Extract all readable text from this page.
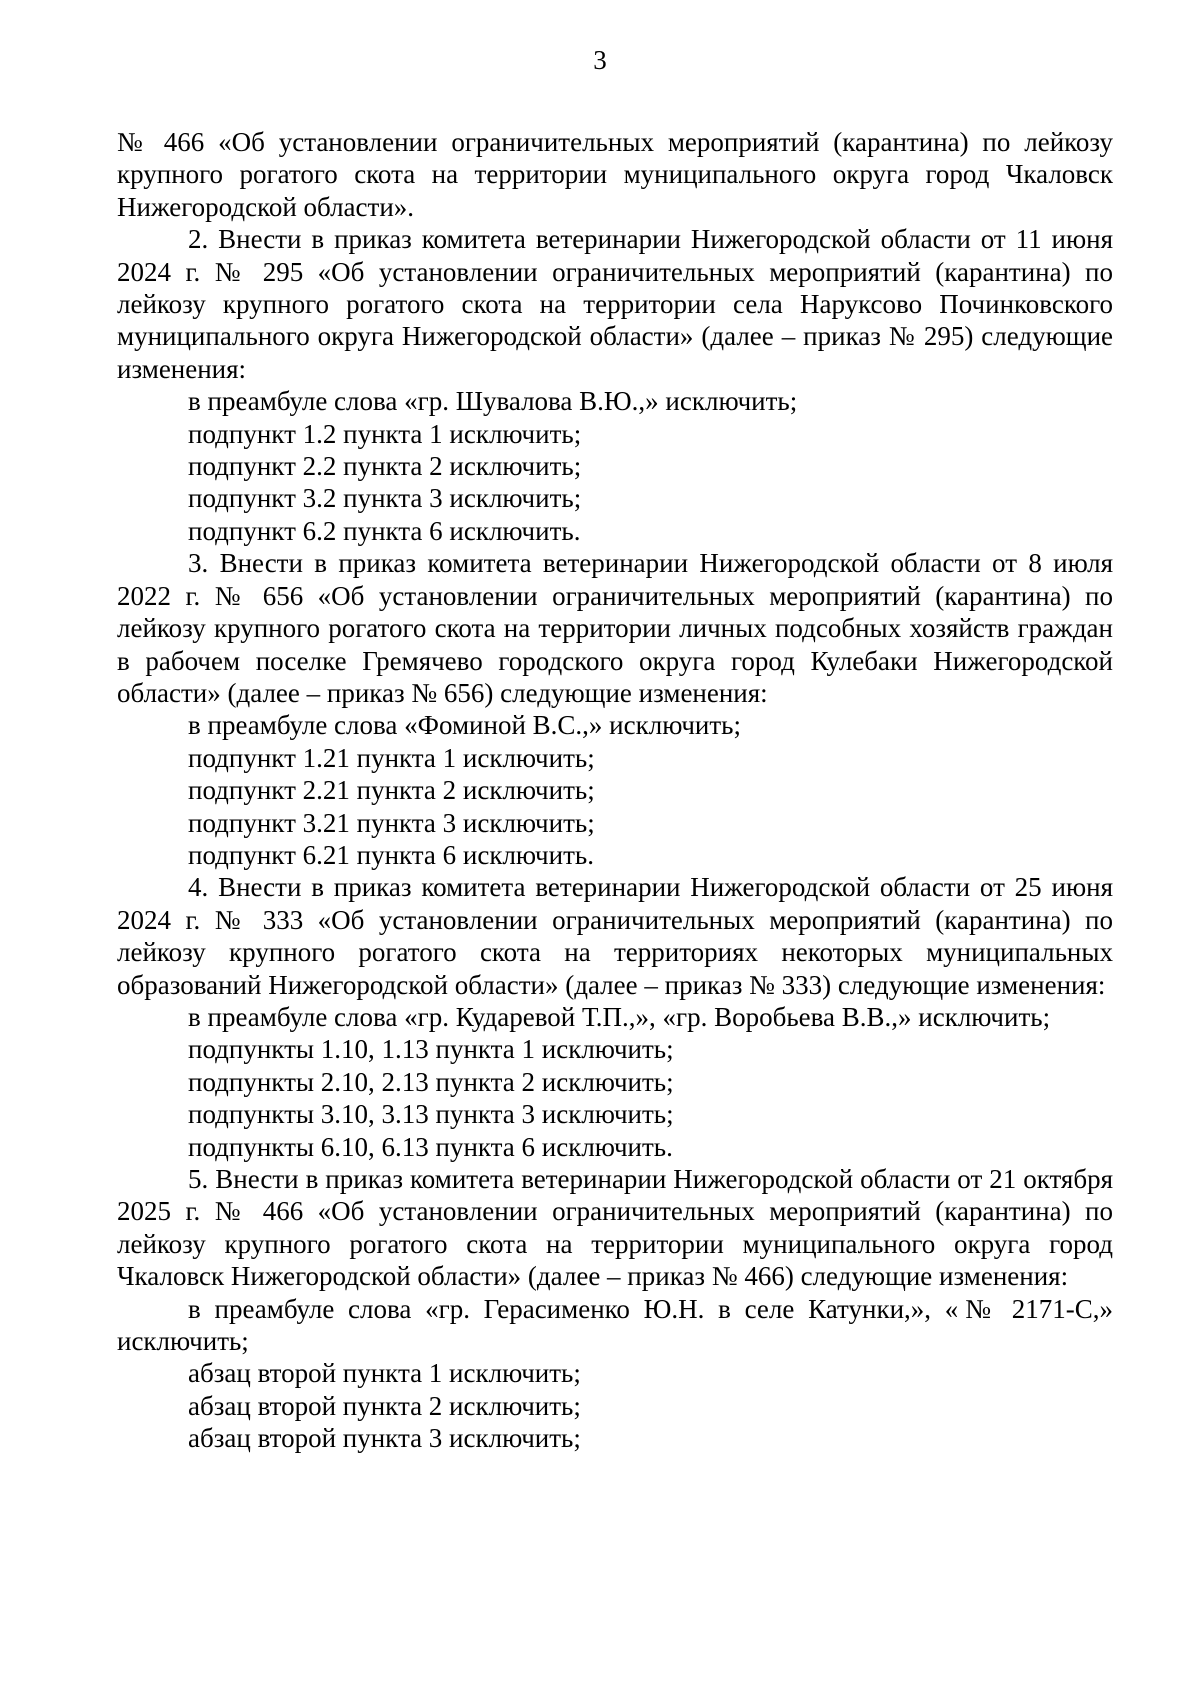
3

№ 466 «Об установлении ограничительных мероприятий (карантина) по лейкозу крупного рогатого скота на территории муниципального округа город Чкаловск Нижегородской области».

2. Внести в приказ комитета ветеринарии Нижегородской области от 11 июня 2024 г. № 295 «Об установлении ограничительных мероприятий (карантина) по лейкозу крупного рогатого скота на территории села Наруксово Починковского муниципального округа Нижегородской области» (далее – приказ № 295) следующие изменения:

в преамбуле слова «гр. Шувалова В.Ю.,» исключить;

подпункт 1.2 пункта 1 исключить;

подпункт 2.2 пункта 2 исключить;

подпункт 3.2 пункта 3 исключить;

подпункт 6.2 пункта 6 исключить.

3. Внести в приказ комитета ветеринарии Нижегородской области от 8 июля 2022 г. № 656 «Об установлении ограничительных мероприятий (карантина) по лейкозу крупного рогатого скота на территории личных подсобных хозяйств граждан в рабочем поселке Гремячево городского округа город Кулебаки Нижегородской области» (далее – приказ № 656) следующие изменения:

в преамбуле слова «Фоминой В.С.,» исключить;

подпункт 1.21 пункта 1 исключить;

подпункт 2.21 пункта 2 исключить;

подпункт 3.21 пункта 3 исключить;

подпункт 6.21 пункта 6 исключить.

4. Внести в приказ комитета ветеринарии Нижегородской области от 25 июня 2024 г. № 333 «Об установлении ограничительных мероприятий (карантина) по лейкозу крупного рогатого скота на территориях некоторых муниципальных образований Нижегородской области» (далее – приказ № 333) следующие изменения:

в преамбуле слова «гр. Кударевой Т.П.,», «гр. Воробьева В.В.,» исключить;

подпункты 1.10, 1.13 пункта 1 исключить;

подпункты 2.10, 2.13 пункта 2 исключить;

подпункты 3.10, 3.13 пункта 3 исключить;

подпункты 6.10, 6.13 пункта 6 исключить.

5. Внести в приказ комитета ветеринарии Нижегородской области от 21 октября 2025 г. № 466 «Об установлении ограничительных мероприятий (карантина) по лейкозу крупного рогатого скота на территории муниципального округа город Чкаловск Нижегородской области» (далее – приказ № 466) следующие изменения:

в преамбуле слова «гр. Герасименко Ю.Н. в селе Катунки,», «№ 2171-С,» исключить;

абзац второй пункта 1 исключить;

абзац второй пункта 2 исключить;

абзац второй пункта 3 исключить;
